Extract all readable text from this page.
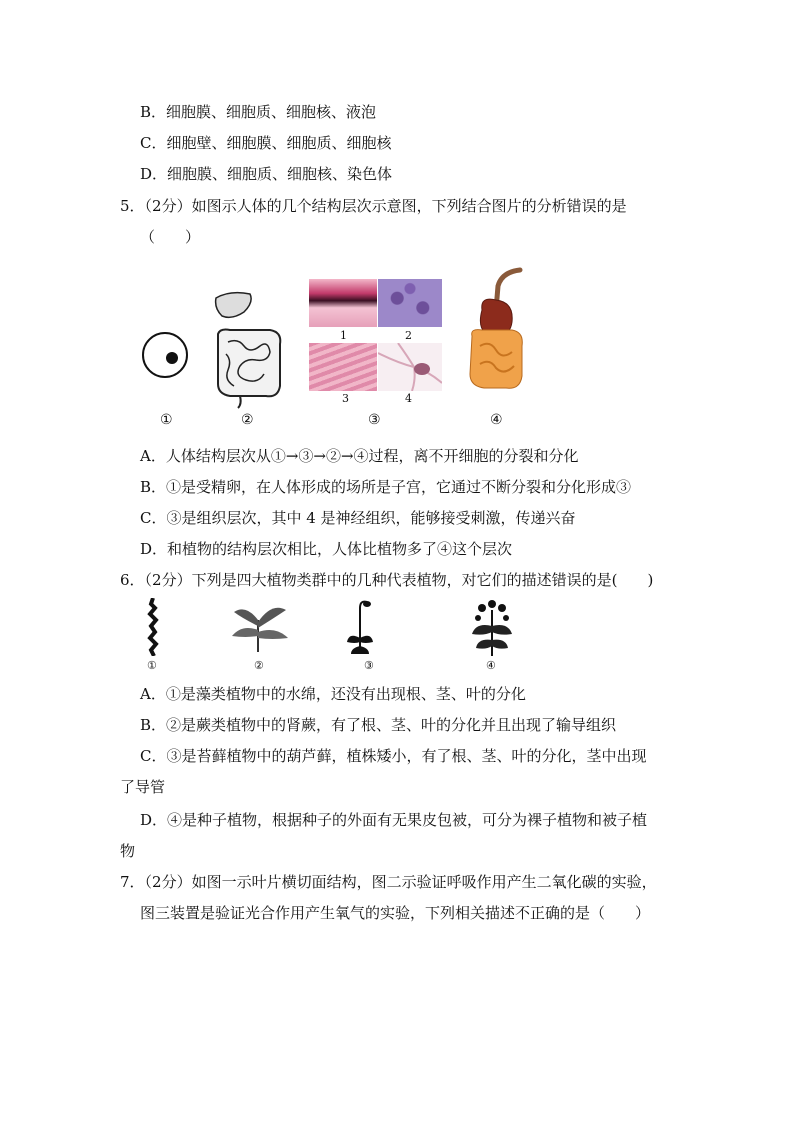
B．细胞膜、细胞质、细胞核、液泡
C．细胞壁、细胞膜、细胞质、细胞核
D．细胞膜、细胞质、细胞核、染色体
5．（2分）如图示人体的几个结构层次示意图，下列结合图片的分析错误的是
（　　）
1	2
3	4
①	②	③	④
A．人体结构层次从①→③→②→④过程，离不开细胞的分裂和分化
B．①是受精卵，在人体形成的场所是子宫，它通过不断分裂和分化形成③
C．③是组织层次，其中 4 是神经组织，能够接受刺激，传递兴奋
D．和植物的结构层次相比，人体比植物多了④这个层次
6．（2分）下列是四大植物类群中的几种代表植物，对它们的描述错误的是(　　)
①	②	③	④
A．①是藻类植物中的水绵，还没有出现根、茎、叶的分化
B．②是蕨类植物中的肾蕨，有了根、茎、叶的分化并且出现了输导组织
C．③是苔藓植物中的葫芦藓，植株矮小，有了根、茎、叶的分化，茎中出现
了导管
D．④是种子植物，根据种子的外面有无果皮包被，可分为裸子植物和被子植
物
7．（2分）如图一示叶片横切面结构，图二示验证呼吸作用产生二氧化碳的实验，
图三装置是验证光合作用产生氧气的实验，下列相关描述不正确的是（　　）
